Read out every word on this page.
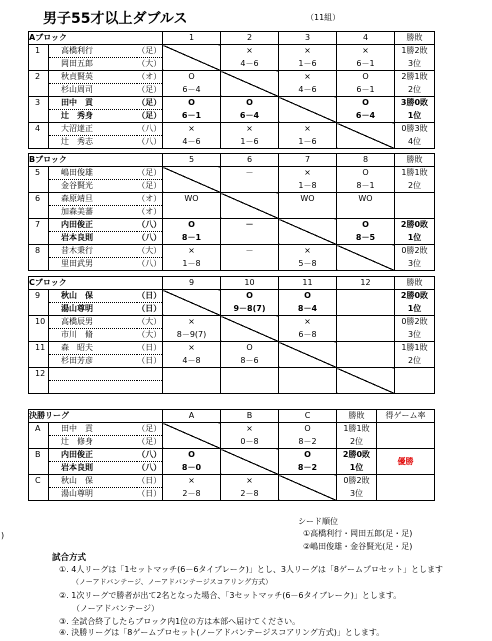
男子55才以上ダブルス	（11組）
Aブロック			1	2	3	4	勝敗
1	高橋利行	（足）		×	×	×	1勝2敗
	岡田五郎	（大）		4－6	1－6	6－1	3位
2	秋貞賢英	（オ）	O		×	O	2勝1敗
	杉山周司	（足）	6－4		4－6	6－1	2位
3	田中　貢	（足）	O	O		O	3勝0敗
	辻　秀身	（足）	6－1	6－4		6－4	1位
4	大沼達正	（八）	×	×	×		0勝3敗
	辻　秀志	（八）	4－6	1－6	1－6		4位
Bブロック			5	6	7	8	勝敗
5	嶋田俊雄	（足）		－	×	O	1勝1敗
	金谷賢光	（足）			1－8	8－1	2位
6	森原靖旦	（オ）	WO		WO	WO	
	加森美蕃	（オ）					
7	内田俊正	（八）	O	－		O	2勝0敗
	岩本良則	（八）	8－1			8－5	1位
8	昔木秉行	（大）	×	－	×		0勝2敗
	里田武男	（八）	1－8		5－8		3位
Cブロック			9	10	11	12	勝敗
9	秋山　保	（日）		O	O		2勝0敗
	湯山尊明	（日）		9－8(7)	8－4		1位
10	高橋辰男	（大）	×		×		0勝2敗
	市川　脩	（大）	8－9(7)		6－8		3位
11	森　昭夫	（日）	×	O			1勝1敗
	杉田芳彦	（日）	4－8	8－6			2位
12							

決勝リーグ			A	B	C	勝敗	得ゲーム率
A	田中　貢	（足）		×	O	1勝1敗	
	辻　修身	（足）		0－8	8－2	2位	
B	内田俊正	（八）	O		O	2勝0敗	優勝
	岩本良則	（八）	8－0		8－2	1位	
C	秋山　保	（日）	×	×		0勝2敗	
	湯山尊明	（日）	2－8	2－8		3位	
)
シード順位
①高橋利行・岡田五郎(足・足)
②嶋田俊雄・金谷賢光(足・足)
試合方式
①. 4人リーグは「1セットマッチ(6－6タイブレーク)」とし、3人リーグは「8ゲームプロセット」とします
（ノーアドバンテージ、ノーアドバンテージスコアリング方式）
②. 1次リーグで勝者が出て2名となった場合、「3セットマッチ(6－6タイブレーク)」とします。
（ノーアドバンテージ）
③. 全試合終了したらブロック内1位の方は本部へ届けてください。
④. 決勝リーグは「8ゲームプロセット(ノーアドバンテージスコアリング方式)」とします。
